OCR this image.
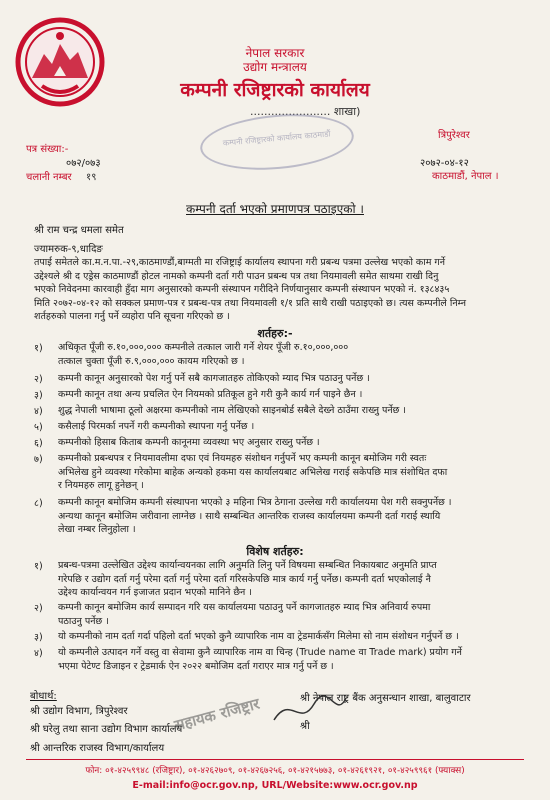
नेपाल सरकार
उद्योग मन्त्रालय
कम्पनी रजिष्ट्रारको कार्यालय
....................... शाखा)
कम्पनी रजिष्ट्रारको कार्यालय काठमाडौं
पत्र संख्या:-
०७२/०७३
चलानी नम्बर १९
त्रिपुरेश्वर
२०७२-०४-१२
काठमाडौं, नेपाल ।
कम्पनी दर्ता भएको प्रमाणपत्र पठाइएको ।
श्री राम चन्द्र धमला समेत
ज्यामरुक-९,धादिङ
तपाई समेतले का.म.न.पा.-२९,काठमाण्डौं,बाग्मती मा रजिष्ट्राई कार्यालय स्थापना गरी प्रबन्ध पत्रमा उल्लेख भएको काम गर्ने
उद्देश्यले श्री द एड्रेस काठमाण्डौं होटल नामको कम्पनी दर्ता गरी पाउन प्रबन्ध पत्र तथा नियमावली समेत साथमा राखी दिनु
भएको निवेदनमा कारवाही हुँदा माग अनुसारको कम्पनी संस्थापन गरीदिने निर्णयानुसार कम्पनी संस्थापन भएको नं. १३८४३५
मिति २०७२-०४-१२ को सक्कल प्रमाण-पत्र र प्रबन्ध-पत्र तथा नियमावली १/१ प्रति साथै राखी पठाइएको छ। त्यस कम्पनीले निम्न
शर्तहरुको पालना गर्नु पर्ने व्यहोरा पनि सूचना गरिएको छ ।
शर्तहरु:-
१) अधिकृत पूँजी रु.१०,०००,००० कम्पनीले तत्काल जारी गर्ने शेयर पूँजी रु.१०,०००,०००
तत्काल चुक्ता पूँजी रु.९,०००,००० कायम गरिएको छ ।
२) कम्पनी कानून अनुसारको पेश गर्नु पर्ने सबै कागजातहरु तोकिएको म्याद भित्र पठाउनु पर्नेछ ।
३) कम्पनी कानून तथा अन्य प्रचलित ऐन नियमको प्रतिकूल हुने गरी कुनै कार्य गर्न पाइने छैन ।
४) शुद्ध नेपाली भाषामा ठूलो अक्षरमा कम्पनीको नाम लेखिएको साइनबोर्ड सबैले देख्ने ठाउँमा राख्नु पर्नेछ ।
५) कसैलाई पिरमर्का नपर्ने गरी कम्पनीको स्थापना गर्नु पर्नेछ ।
६) कम्पनीको हिसाब किताब कम्पनी कानूनमा व्यवस्था भए अनुसार राख्नु पर्नेछ ।
७) कम्पनीको प्रबन्धपत्र र नियमावलीमा दफा एवं नियमहरु संशोधन गर्नुपर्ने भए कम्पनी कानून बमोजिम गरी स्वतः
अभिलेख हुने व्यवस्था गरेकोमा बाहेक अन्यको हकमा यस कार्यालयबाट अभिलेख गराई सकेपछि मात्र संशोधित दफा
र नियमहरु लागू हुनेछन् ।
८) कम्पनी कानून बमोजिम कम्पनी संस्थापना भएको ३ महिना भित्र ठेगाना उल्लेख गरी कार्यालयमा पेश गरी सक्नुपर्नेछ ।
अन्यथा कानून बमोजिम जरीवाना लाग्नेछ । साथै सम्बन्धित आन्तरिक राजस्व कार्यालयमा कम्पनी दर्ता गराई स्थायि
लेखा नम्बर लिनुहोला ।
विशेष शर्तहरु:
१) प्रबन्ध-पत्रमा उल्लेखित उद्देश्य कार्यान्वयनका लागि अनुमति लिनु पर्ने विषयमा सम्बन्धित निकायबाट अनुमति प्राप्त
गरेपछि र उद्योग दर्ता गर्नु परेमा दर्ता गर्नु परेमा दर्ता गरिसकेपछि मात्र कार्य गर्नु पर्नेछ। कम्पनी दर्ता भएकोलाई नै
उद्देश्य कार्यान्वयन गर्न इजाजत प्रदान भएको मानिने छैन ।
२) कम्पनी कानून बमोजिम कार्य सम्पादन गरि यस कार्यालयमा पठाउनु पर्ने कागजातहरु म्याद भित्र अनिवार्य रुपमा
पठाउनु पर्नेछ ।
३) यो कम्पनीको नाम दर्ता गर्दा पहिलो दर्ता भएको कुनै व्यापारिक नाम वा ट्रेडमार्कसँग मिलेमा सो नाम संशोधन गर्नुपर्ने छ ।
४) यो कम्पनीले उत्पादन गर्ने वस्तु वा सेवामा कुनै व्यापारिक नाम वा चिन्ह (Trude name वा Trade mark) प्रयोग गर्ने
भएमा पेटेण्ट डिजाइन र ट्रेडमार्क ऐन २०२२ बमोजिम दर्ता गराएर मात्र गर्नु पर्ने छ ।
बोधार्थ:
श्री उद्योग विभाग, त्रिपुरेश्वर
श्री घरेलु तथा साना उद्योग विभाग कार्यालय
श्री आन्तरिक राजस्व विभाग/कार्यालय
श्री नेपाल राष्ट्र बैंक अनुसन्धान शाखा, बालुवाटार
श्री
सहायक रजिष्ट्रार
फोन: ०१-४२५९९४८ (रजिष्ट्रार), ०१-४२६२७०९, ०१-४२६७२५६, ०१-४२१५७७३, ०१-४२६१९२१, ०१-४२५९९६१ (फ्याक्स)
E-mail:info@ocr.gov.np, URL/Website:www.ocr.gov.np
